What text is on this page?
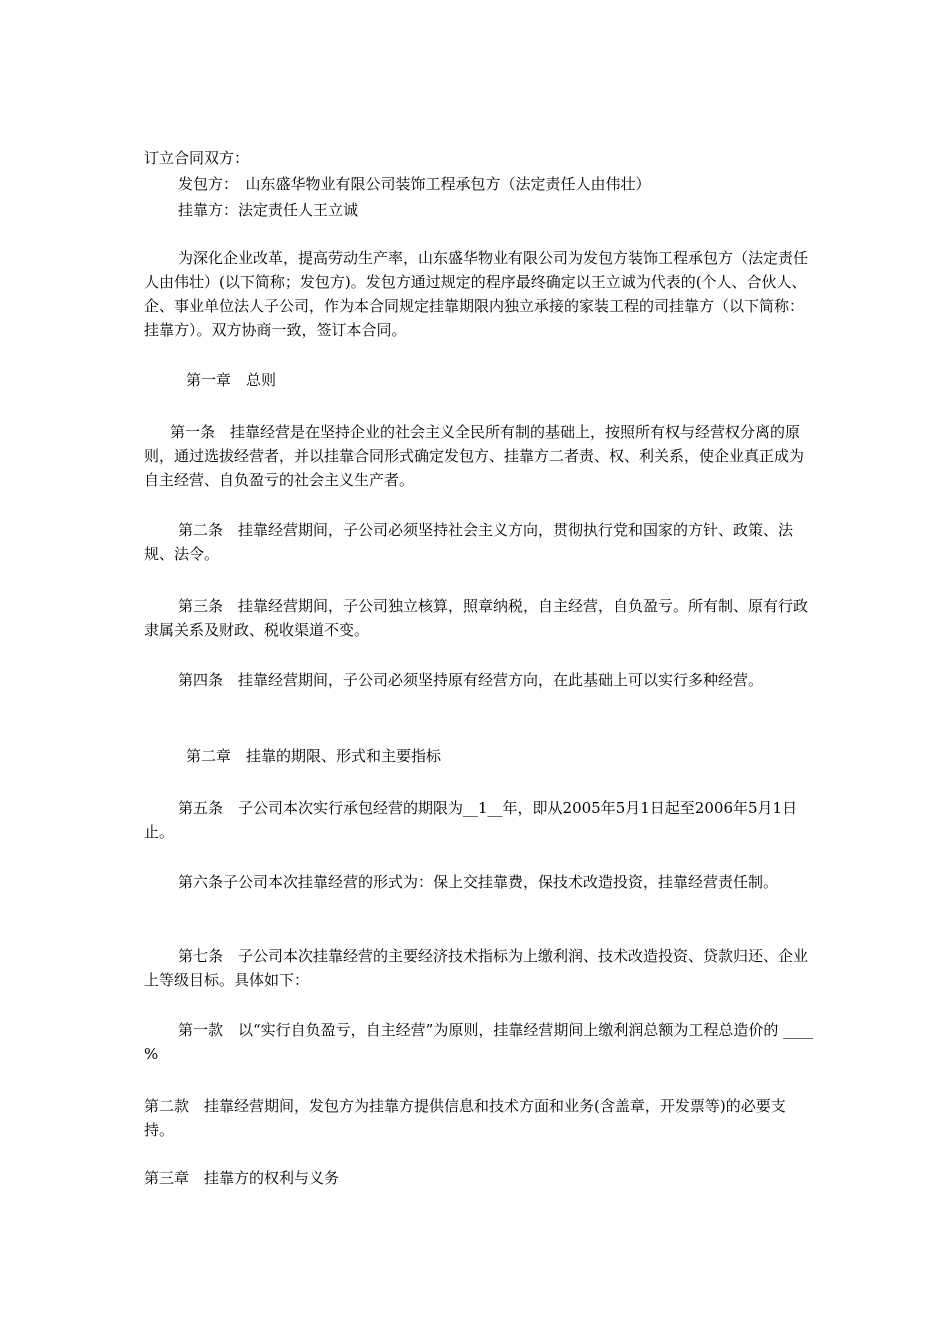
订立合同双方：

发包方：　山东盛华物业有限公司装饰工程承包方（法定责任人由伟壮）

挂靠方：法定责任人王立诚

为深化企业改革，提高劳动生产率，山东盛华物业有限公司为发包方装饰工程承包方（法定责任人由伟壮）(以下简称；发包方)。发包方通过规定的程序最终确定以王立诚为代表的(个人、合伙人、企、事业单位法人子公司，作为本合同规定挂靠期限内独立承接的家装工程的司挂靠方（以下简称：挂靠方）。双方协商一致，签订本合同。

第一章　总则

第一条　挂靠经营是在坚持企业的社会主义全民所有制的基础上，按照所有权与经营权分离的原则，通过选拔经营者，并以挂靠合同形式确定发包方、挂靠方二者责、权、利关系，使企业真正成为自主经营、自负盈亏的社会主义生产者。

第二条　挂靠经营期间，子公司必须坚持社会主义方向，贯彻执行党和国家的方针、政策、法规、法令。

第三条　挂靠经营期间，子公司独立核算，照章纳税，自主经营，自负盈亏。所有制、原有行政隶属关系及财政、税收渠道不变。

第四条　挂靠经营期间，子公司必须坚持原有经营方向，在此基础上可以实行多种经营。

第二章　挂靠的期限、形式和主要指标

第五条　子公司本次实行承包经营的期限为__1__年，即从2005年5月1日起至2006年5月1日止。

第六条子公司本次挂靠经营的形式为：保上交挂靠费，保技术改造投资，挂靠经营责任制。

第七条　子公司本次挂靠经营的主要经济技术指标为上缴利润、技术改造投资、贷款归还、企业上等级目标。具体如下：

第一款　以“实行自负盈亏，自主经营”为原则，挂靠经营期间上缴利润总额为工程总造价的 ____ %

第二款　挂靠经营期间，发包方为挂靠方提供信息和技术方面和业务(含盖章，开发票等)的必要支持。

第三章　挂靠方的权利与义务
